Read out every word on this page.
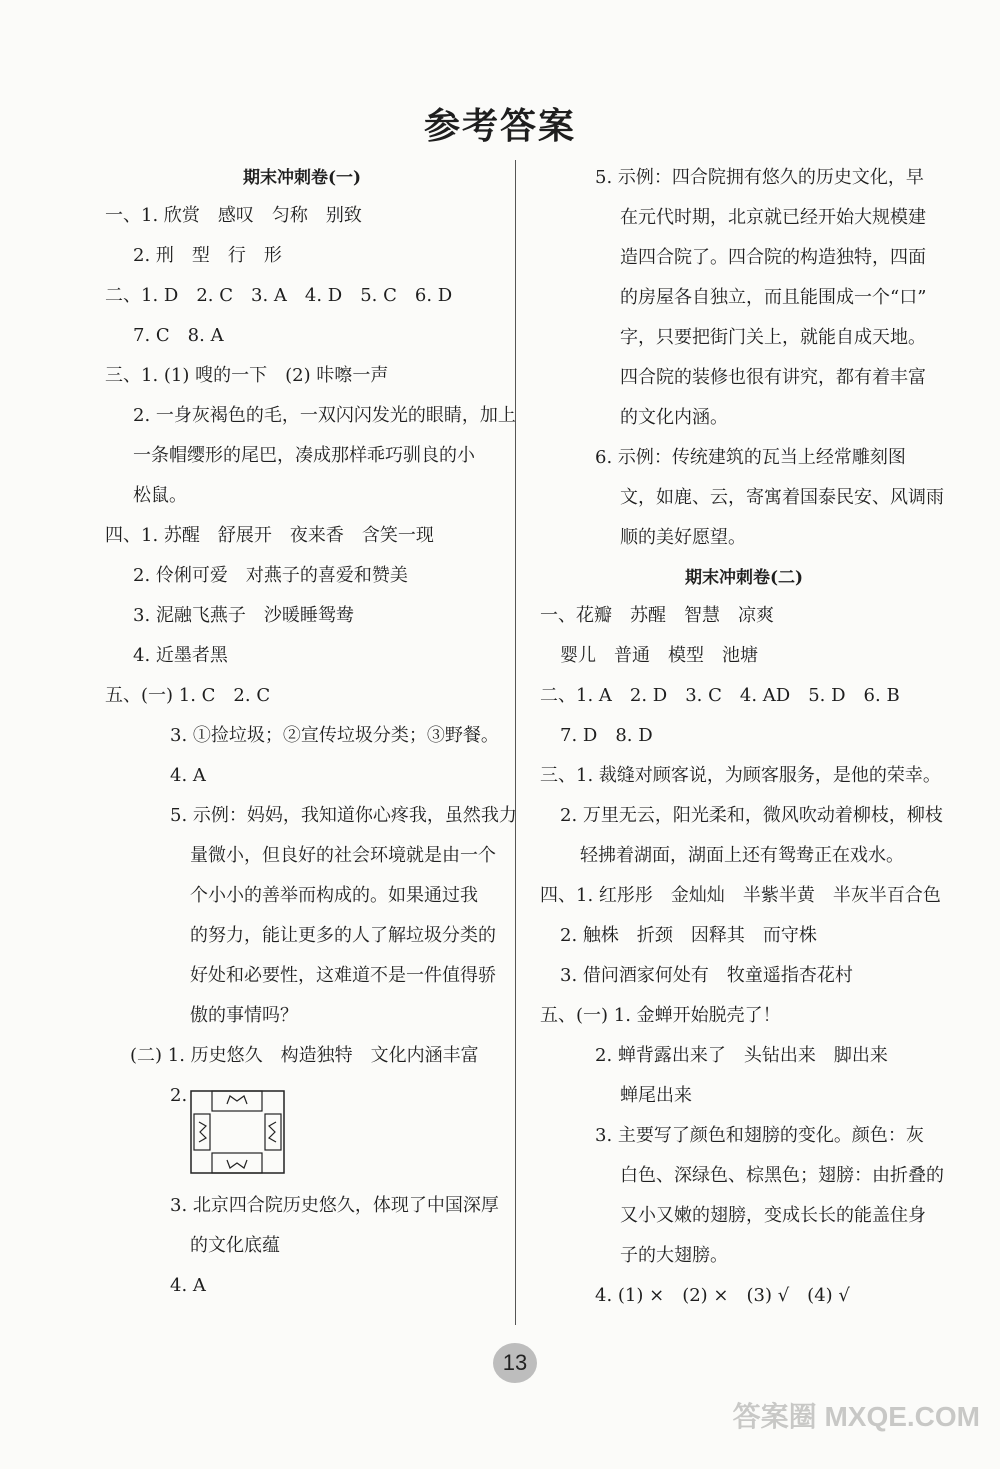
参考答案
期末冲刺卷(一)
一、1. 欣赏　感叹　匀称　别致
2. 刑　型　行　形
二、1. D　2. C　3. A　4. D　5. C　6. D
7. C　8. A
三、1. (1) 嗖的一下　(2) 咔嚓一声
2. 一身灰褐色的毛，一双闪闪发光的眼睛，加上
一条帽缨形的尾巴，凑成那样乖巧驯良的小
松鼠。
四、1. 苏醒　舒展开　夜来香　含笑一现
2. 伶俐可爱　对燕子的喜爱和赞美
3. 泥融飞燕子　沙暖睡鸳鸯
4. 近墨者黑
五、(一) 1. C　2. C
3. ①捡垃圾；②宣传垃圾分类；③野餐。
4. A
5. 示例：妈妈，我知道你心疼我，虽然我力
量微小，但良好的社会环境就是由一个
个小小的善举而构成的。如果通过我
的努力，能让更多的人了解垃圾分类的
好处和必要性，这难道不是一件值得骄
傲的事情吗？
(二) 1. 历史悠久　构造独特　文化内涵丰富
2.
3. 北京四合院历史悠久，体现了中国深厚
的文化底蕴
4. A
5. 示例：四合院拥有悠久的历史文化，早
在元代时期，北京就已经开始大规模建
造四合院了。四合院的构造独特，四面
的房屋各自独立，而且能围成一个“口”
字，只要把街门关上，就能自成天地。
四合院的装修也很有讲究，都有着丰富
的文化内涵。
6. 示例：传统建筑的瓦当上经常雕刻图
文，如鹿、云，寄寓着国泰民安、风调雨
顺的美好愿望。
期末冲刺卷(二)
一、花瓣　苏醒　智慧　凉爽
婴儿　普通　模型　池塘
二、1. A　2. D　3. C　4. AD　5. D　6. B
7. D　8. D
三、1. 裁缝对顾客说，为顾客服务，是他的荣幸。
2. 万里无云，阳光柔和，微风吹动着柳枝，柳枝
轻拂着湖面，湖面上还有鸳鸯正在戏水。
四、1. 红彤彤　金灿灿　半紫半黄　半灰半百合色
2. 触株　折颈　因释其　而守株
3. 借问酒家何处有　牧童遥指杏花村
五、(一) 1. 金蝉开始脱壳了！
2. 蝉背露出来了　头钻出来　脚出来
蝉尾出来
3. 主要写了颜色和翅膀的变化。颜色：灰
白色、深绿色、棕黑色；翅膀：由折叠的
又小又嫩的翅膀，变成长长的能盖住身
子的大翅膀。
4. (1) ×　(2) ×　(3) √　(4) √
13
答案圈 MXQE.COM
